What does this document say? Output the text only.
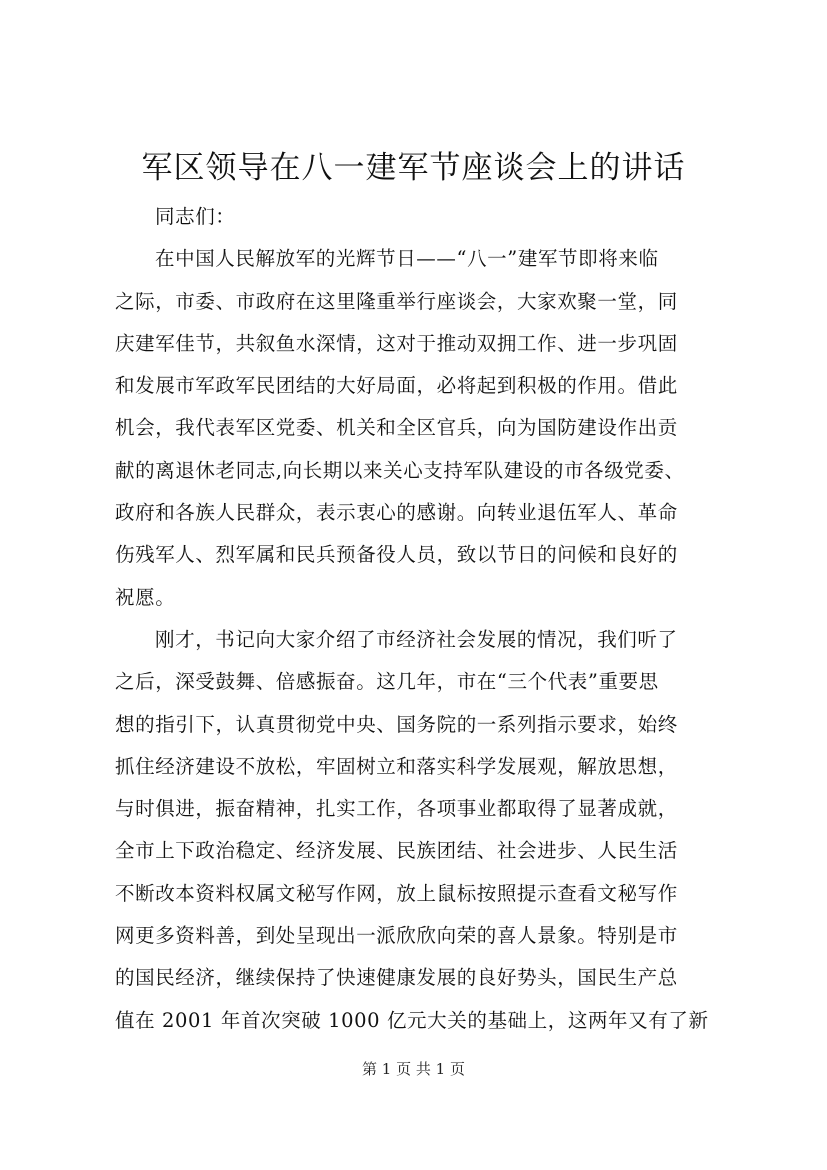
军区领导在八一建军节座谈会上的讲话
同志们：
在中国人民解放军的光辉节日——“八一”建军节即将来临
之际，市委、市政府在这里隆重举行座谈会，大家欢聚一堂，同
庆建军佳节，共叙鱼水深情，这对于推动双拥工作、进一步巩固
和发展市军政军民团结的大好局面，必将起到积极的作用。借此
机会，我代表军区党委、机关和全区官兵，向为国防建设作出贡
献的离退休老同志,向长期以来关心支持军队建设的市各级党委、
政府和各族人民群众，表示衷心的感谢。向转业退伍军人、革命
伤残军人、烈军属和民兵预备役人员，致以节日的问候和良好的
祝愿。
刚才，书记向大家介绍了市经济社会发展的情况，我们听了
之后，深受鼓舞、倍感振奋。这几年，市在“三个代表”重要思
想的指引下，认真贯彻党中央、国务院的一系列指示要求，始终
抓住经济建设不放松，牢固树立和落实科学发展观，解放思想，
与时俱进，振奋精神，扎实工作，各项事业都取得了显著成就，
全市上下政治稳定、经济发展、民族团结、社会进步、人民生活
不断改本资料权属文秘写作网，放上鼠标按照提示查看文秘写作
网更多资料善，到处呈现出一派欣欣向荣的喜人景象。特别是市
的国民经济，继续保持了快速健康发展的良好势头，国民生产总
值在 2001 年首次突破 1000 亿元大关的基础上，这两年又有了新
第 1 页 共 1 页
